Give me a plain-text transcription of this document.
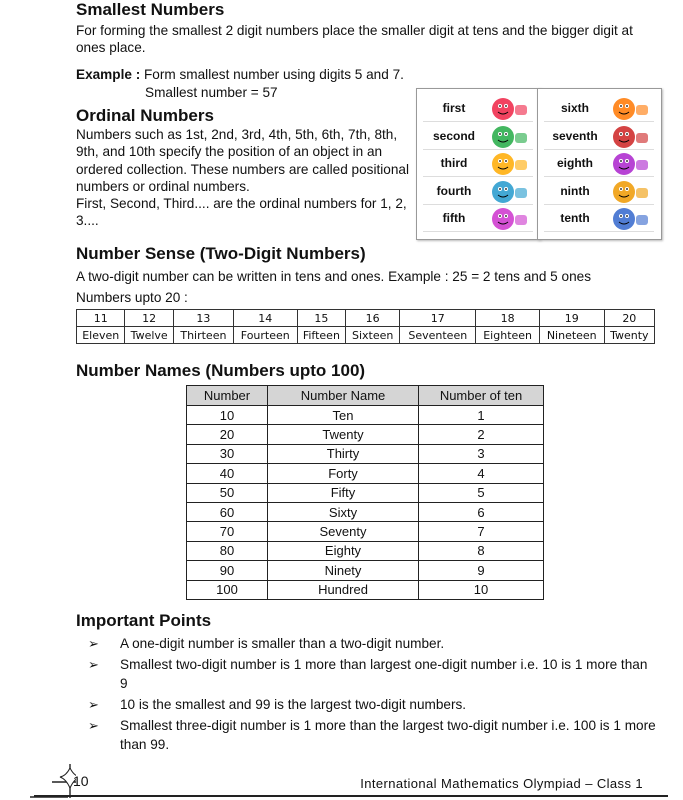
Smallest Numbers

For forming the smallest 2 digit numbers place the smaller digit at tens and the bigger digit at ones place.

Example : Form smallest number using digits 5 and 7.

Smallest number = 57

Ordinal Numbers
Numbers such as 1st, 2nd, 3rd, 4th, 5th, 6th, 7th, 8th, 9th, and 10th specify the position of an object in an ordered collection. These numbers are called positional numbers or ordinal numbers.
First, Second, Third.... are the ordinal numbers for 1, 2, 3....
first
second
third
fourth
fifth
sixth
seventh
eighth
ninth
tenth
Number Sense (Two-Digit Numbers)

A two-digit number can be written in tens and ones. Example : 25 = 2 tens and 5 ones

Numbers upto 20 :

11	12	13	14	15	16	17	18	19	20
Eleven	Twelve	Thirteen	Fourteen	Fifteen	Sixteen	Seventeen	Eighteen	Nineteen	Twenty
Number Names (Numbers upto 100)
Number	Number Name	Number of ten
10	Ten	1
20	Twenty	2
30	Thirty	3
40	Forty	4
50	Fifty	5
60	Sixty	6
70	Seventy	7
80	Eighty	8
90	Ninety	9
100	Hundred	10
Important Points
➢ A one-digit number is smaller than a two-digit number.
➢ Smallest two-digit number is 1 more than largest one-digit number i.e. 10 is 1 more than 9
➢ 10 is the smallest and 99 is the largest two-digit numbers.
➢ Smallest three-digit number is 1 more than the largest two-digit number i.e. 100 is 1 more than 99.
10	International Mathematics Olympiad – Class 1
